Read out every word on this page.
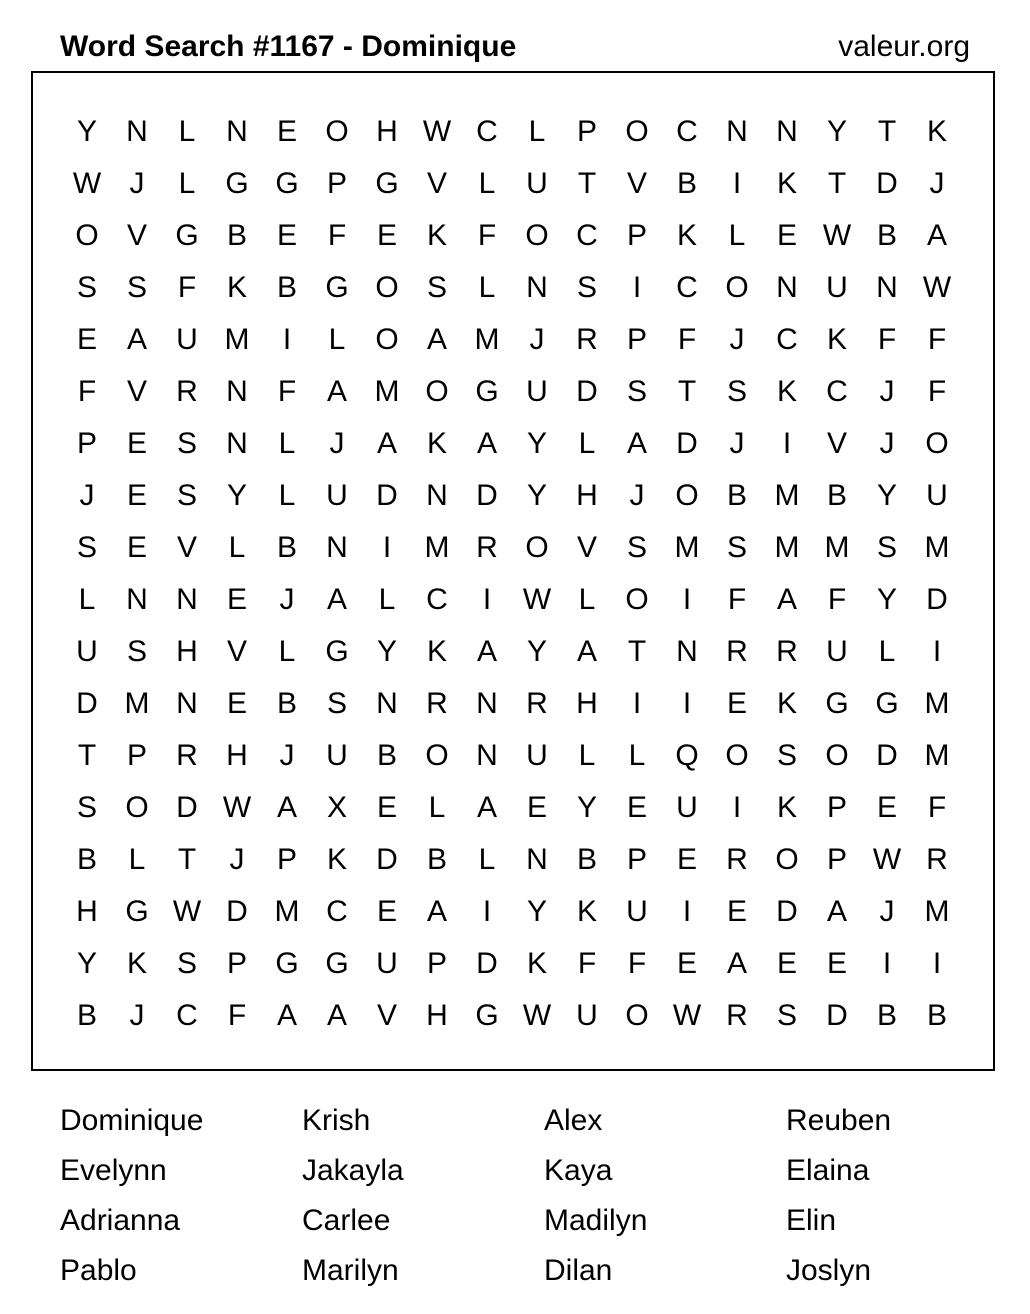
Word Search #1167 - Dominique	valeur.org
Y N	L	N E O H W C	L	P O C N N Y	T	K
W J	L G G P G V	L	U	T	V B	I	K	T	D	J
O V G B E	F	E K	F O C P K	L	E W B A
S S	F	K B G O S	L	N S	I	C O N U N W
E A U M	I	L O A M	J	R P	F	J	C K	F	F
F	V R N	F	A M O G U D S	T	S K C	J	F
P E S N	L	J	A K A Y	L	A D	J	I	V	J	O
J	E S Y	L	U D N D Y H	J	O B M B Y U
S E V	L	B N	I	M R O V S M S M M S M
L	N N E	J	A	L	C	I	W L O	I	F	A	F	Y D
U S H V	L G Y K A Y A	T	N R R U	L	I
D M N E B S N R N R H	I	I	E K G G M
T	P R H	J	U B O N U	L	L Q O S O D M
S O D W A X E	L	A E Y E U	I	K P E	F
B	L	T	J	P K D B	L	N B P E R O P W R
H G W D M C E A	I	Y K U	I	E D A	J	M
Y K S P G G U P D K	F	F	E A E E	I	I
B	J	C	F	A A V H G W U O W R S D B B
Dominique	Krish	Alex	Reuben
Evelynn	Jakayla	Kaya	Elaina
Adrianna	Carlee	Madilyn	Elin
Pablo	Marilyn	Dilan	Joslyn
